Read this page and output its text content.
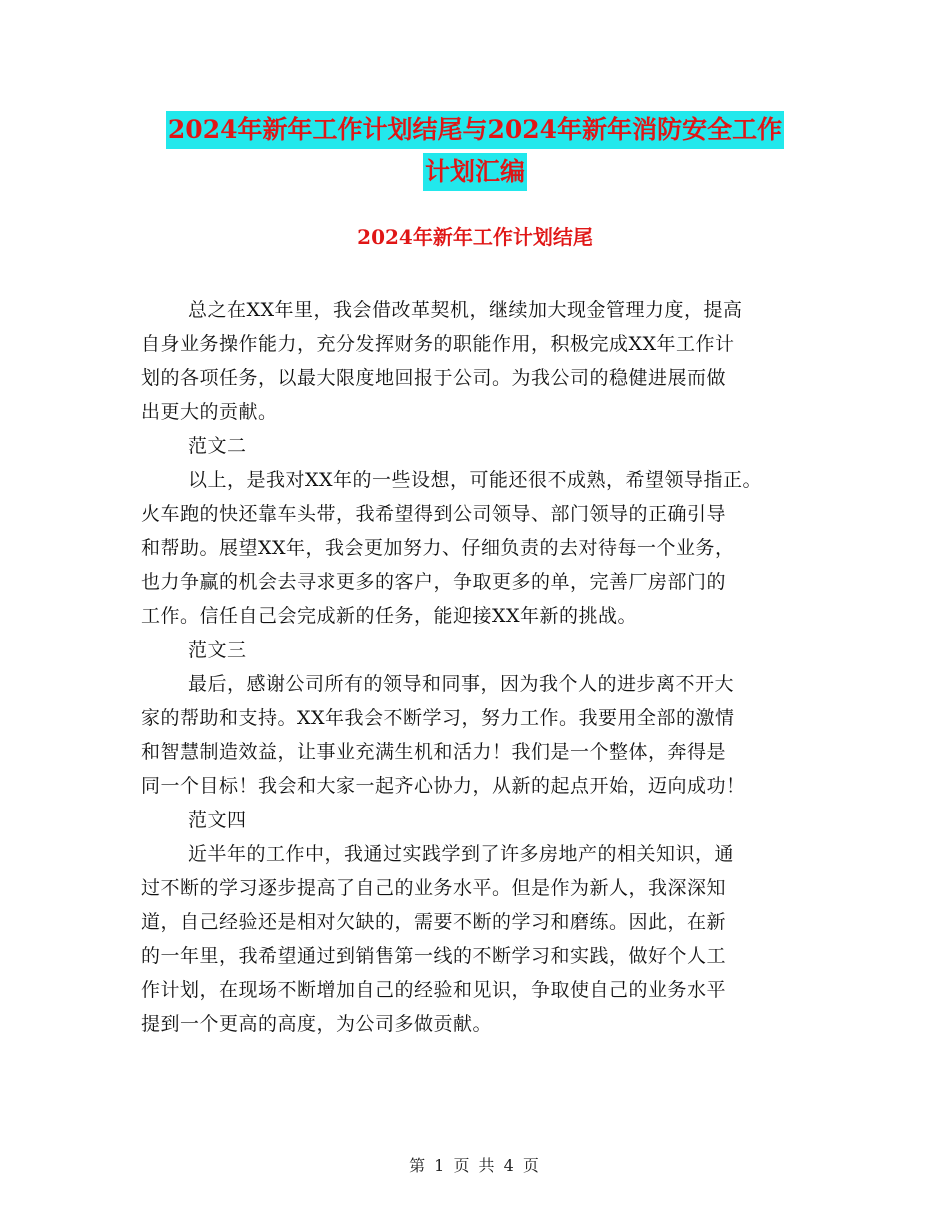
2024年新年工作计划结尾与2024年新年消防安全工作
计划汇编
2024年新年工作计划结尾
总之在XX年里，我会借改革契机，继续加大现金管理力度，提高
自身业务操作能力，充分发挥财务的职能作用，积极完成XX年工作计
划的各项任务，以最大限度地回报于公司。为我公司的稳健进展而做
出更大的贡献。
范文二
以上，是我对XX年的一些设想，可能还很不成熟，希望领导指正。
火车跑的快还靠车头带，我希望得到公司领导、部门领导的正确引导
和帮助。展望XX年，我会更加努力、仔细负责的去对待每一个业务，
也力争赢的机会去寻求更多的客户，争取更多的单，完善厂房部门的
工作。信任自己会完成新的任务，能迎接XX年新的挑战。
范文三
最后，感谢公司所有的领导和同事，因为我个人的进步离不开大
家的帮助和支持。XX年我会不断学习，努力工作。我要用全部的激情
和智慧制造效益，让事业充满生机和活力！我们是一个整体，奔得是
同一个目标！我会和大家一起齐心协力，从新的起点开始，迈向成功！
范文四
近半年的工作中，我通过实践学到了许多房地产的相关知识，通
过不断的学习逐步提高了自己的业务水平。但是作为新人，我深深知
道，自己经验还是相对欠缺的，需要不断的学习和磨练。因此，在新
的一年里，我希望通过到销售第一线的不断学习和实践，做好个人工
作计划，在现场不断增加自己的经验和见识，争取使自己的业务水平
提到一个更高的高度，为公司多做贡献。
第 1 页 共 4 页
